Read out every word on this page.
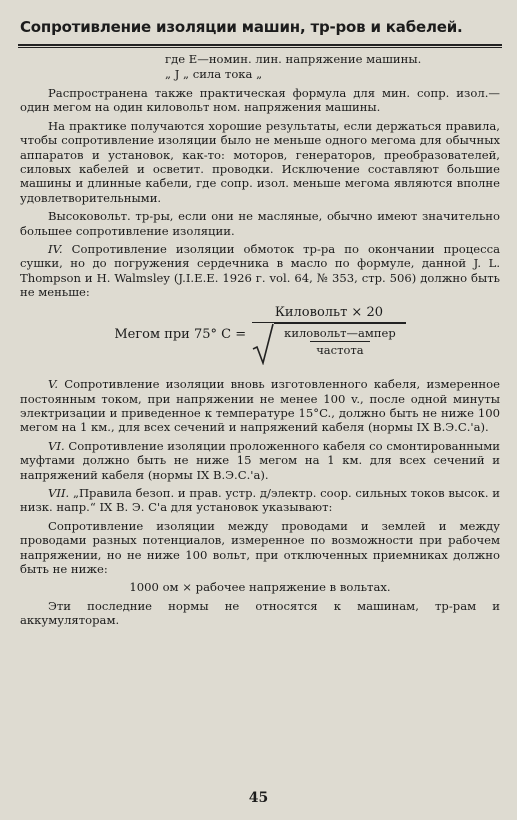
Сопротивление изоляции машин, тр-ров и кабелей.
где E—номин. лин. напряжение машины.
„ J „ сила тока „

Распространена также практическая формула для мин. сопр. изол.—один мегом на один киловольт ном. напряжения машины.

На практике получаются хорошие результаты, если держаться правила, чтобы сопротивление изоляции было не меньше одного мегома для обычных аппаратов и установок, как-то: моторов, генераторов, преобразователей, силовых кабелей и осветит. проводки. Исключение составляют большие машины и длинные кабели, где сопр. изол. меньше мегома являются вполне удовлетворительными.

Высоковольт. тр-ры, если они не масляные, обычно имеют значительно большее сопротивление изоляции.

IV. Сопротивление изоляции обмоток тр-ра по окончании процесса сушки, но до погружения сердечника в масло по формуле, данной J. L. Thompson и H. Walmsley (J.I.E.E. 1926 г. vol. 64, № 353, стр. 506) должно быть не меньше:

Мегом при 75° C = Киловольт × 20
киловольт—ампер
частота

V. Сопротивление изоляции вновь изготовленного кабеля, измеренное постоянным током, при напряжении не менее 100 v., после одной минуты электризации и приведенное к температуре 15°C., должно быть не ниже 100 мегом на 1 км., для всех сечений и напряжений кабеля (нормы IX В.Э.С.'а).

VI. Сопротивление изоляции проложенного кабеля со смонтированными муфтами должно быть не ниже 15 мегом на 1 км. для всех сечений и напряжений кабеля (нормы IX В.Э.С.'а).

VII. „Правила безоп. и прав. устр. д/электр. соор. сильных токов высок. и низк. напр.“ IX В. Э. С'а для установок указывают:

Сопротивление изоляции между проводами и землей и между проводами разных потенциалов, измеренное по возможности при рабочем напряжении, но не ниже 100 вольт, при отключенных приемниках должно быть не ниже:

1000 ом × рабочее напряжение в вольтах.

Эти последние нормы не относятся к машинам, тр-рам и аккумуляторам.

45
